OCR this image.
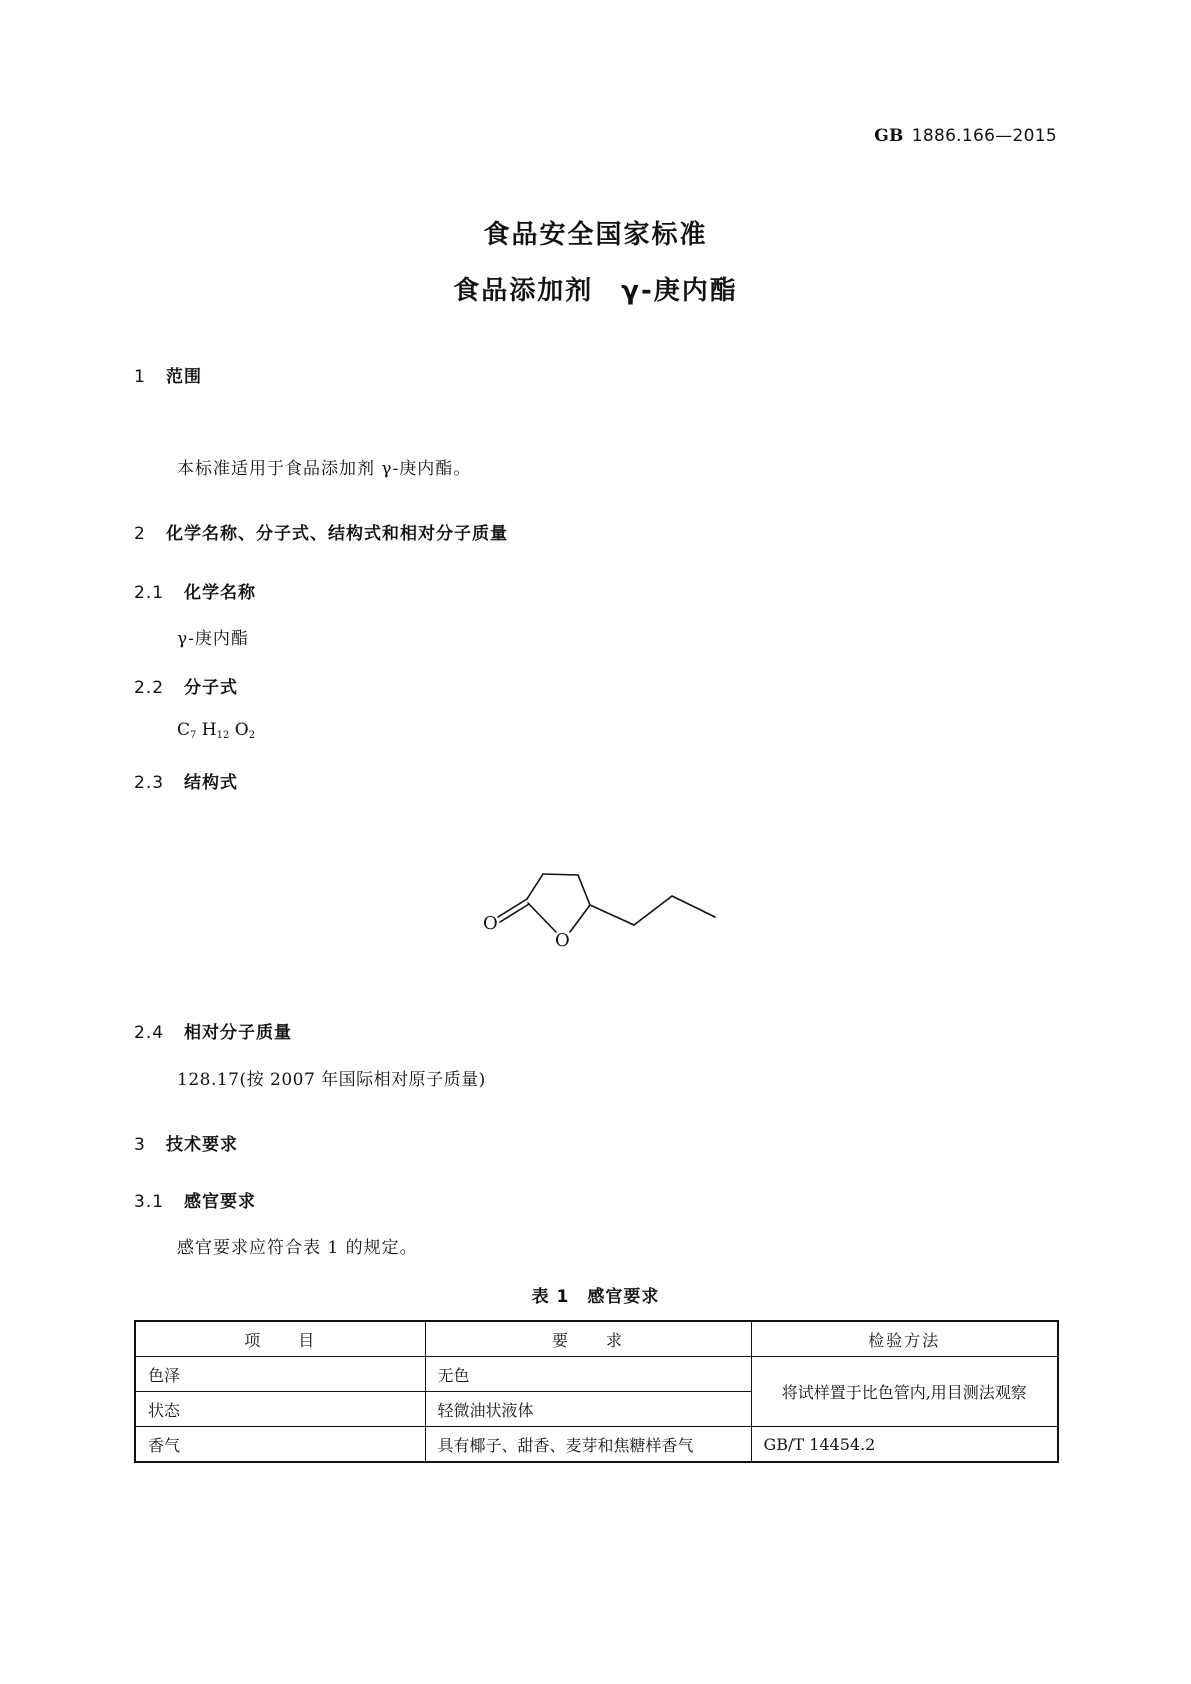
GB 1886.166—2015
食品安全国家标准
食品添加剂　γ-庚内酯
1 范围
本标准适用于食品添加剂 γ-庚内酯。
2 化学名称、分子式、结构式和相对分子质量
2.1 化学名称
γ-庚内酯
2.2 分子式
$C_7$ $H_{12}$ $O_2$
2.3 结构式
O
O
2.4 相对分子质量
128.17(按 2007 年国际相对原子质量)
3 技术要求
3.1 感官要求
感官要求应符合表 1 的规定。
表 1　感官要求
项　　目	要　　求	检验方法
色泽	无色	将试样置于比色管内,用目测法观察
状态	轻微油状液体	
香气	具有椰子、甜香、麦芽和焦糖样香气	GB/T 14454.2
